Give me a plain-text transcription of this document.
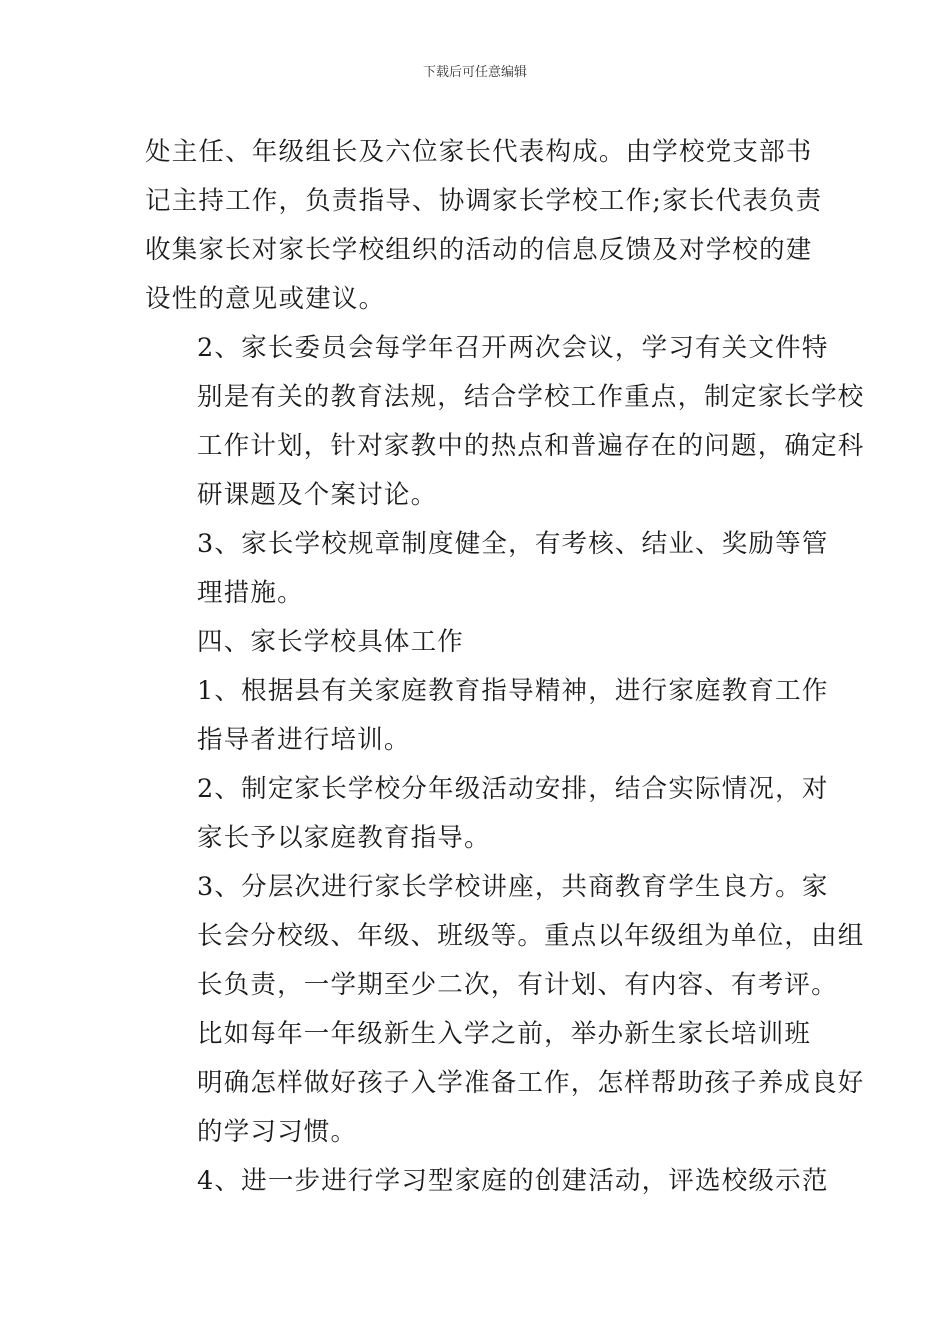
下载后可任意编辑

处主任、年级组长及六位家长代表构成。由学校党支部书
记主持工作，负责指导、协调家长学校工作;家长代表负责
收集家长对家长学校组织的活动的信息反馈及对学校的建
设性的意见或建议。

2、家长委员会每学年召开两次会议，学习有关文件特

别是有关的教育法规，结合学校工作重点，制定家长学校
工作计划，针对家教中的热点和普遍存在的问题，确定科
研课题及个案讨论。

3、家长学校规章制度健全，有考核、结业、奖励等管

理措施。

四、家长学校具体工作

1、根据县有关家庭教育指导精神，进行家庭教育工作

指导者进行培训。

2、制定家长学校分年级活动安排，结合实际情况，对

家长予以家庭教育指导。

3、分层次进行家长学校讲座，共商教育学生良方。家

长会分校级、年级、班级等。重点以年级组为单位，由组
长负责，一学期至少二次，有计划、有内容、有考评。

比如每年一年级新生入学之前，举办新生家长培训班

明确怎样做好孩子入学准备工作，怎样帮助孩子养成良好
的学习习惯。

4、进一步进行学习型家庭的创建活动，评选校级示范
